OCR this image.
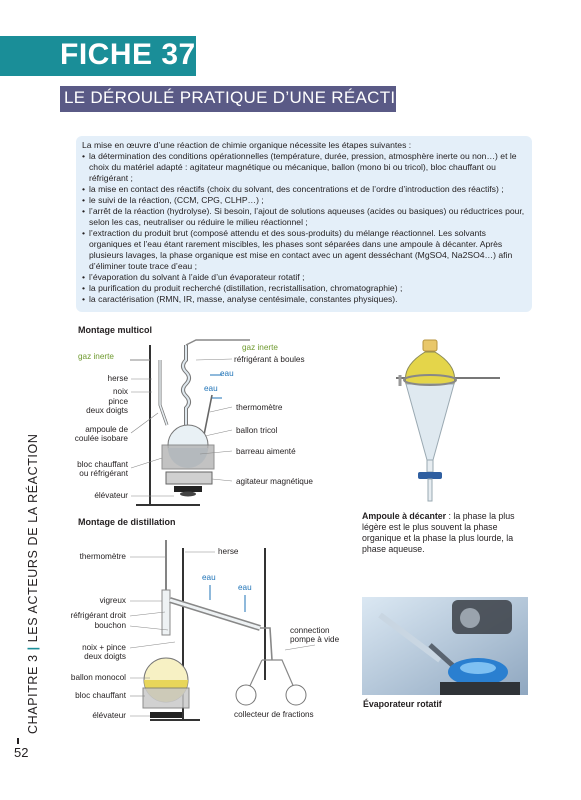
FICHE 37
LE DÉROULÉ PRATIQUE D’UNE RÉACTION

La mise en œuvre d’une réaction de chimie organique nécessite les étapes suivantes :

• la détermination des conditions opérationnelles (température, durée, pression, atmosphère inerte ou non…) et le choix du matériel adapté : agitateur magnétique ou mécanique, ballon (mono bi ou tricol), bloc chauffant ou réfrigérant ;
• la mise en contact des réactifs (choix du solvant, des concentrations et de l’ordre d’introduction des réactifs) ;
• le suivi de la réaction, (CCM, CPG, CLHP…) ;
• l’arrêt de la réaction (hydrolyse). Si besoin, l’ajout de solutions aqueuses (acides ou basiques) ou réductrices pour, selon les cas, neutraliser ou réduire le milieu réactionnel ;
• l’extraction du produit brut (composé attendu et des sous-produits) du mélange réactionnel. Les solvants organiques et l’eau étant rarement miscibles, les phases sont séparées dans une ampoule à décanter. Après plusieurs lavages, la phase organique est mise en contact avec un agent desséchant (MgSO4, Na2SO4…) afin d’éliminer toute trace d’eau ;
• l’évaporation du solvant à l’aide d’un évaporateur rotatif ;
• la purification du produit recherché (distillation, recristallisation, chromatographie) ;
• la caractérisation (RMN, IR, masse, analyse centésimale, constantes physiques).
Montage multicol
gaz inerte
gaz inerte
réfrigérant à boules
eau
eau
herse
noix
pince
deux doigts	thermomètre
ampoule de
coulée isobare
ballon tricol
barreau aimenté
bloc chauffant
ou réfrigérant
agitateur magnétique
élévateur
Montage de distillation
thermomètre
herse
eau
eau
vigreux
réfrigérant droit
bouchon
connection
pompe à vide
noix + pince
deux doigts
ballon monocol
bloc chauffant
collecteur de fractions
élévateur
Ampoule à décanter : la phase la plus légère est le plus souvent la phase organique et la phase la plus lourde, la phase aqueuse.
Évaporateur rotatif
CHAPITRE 3|LES ACTEURS DE LA RÉACTION
52
